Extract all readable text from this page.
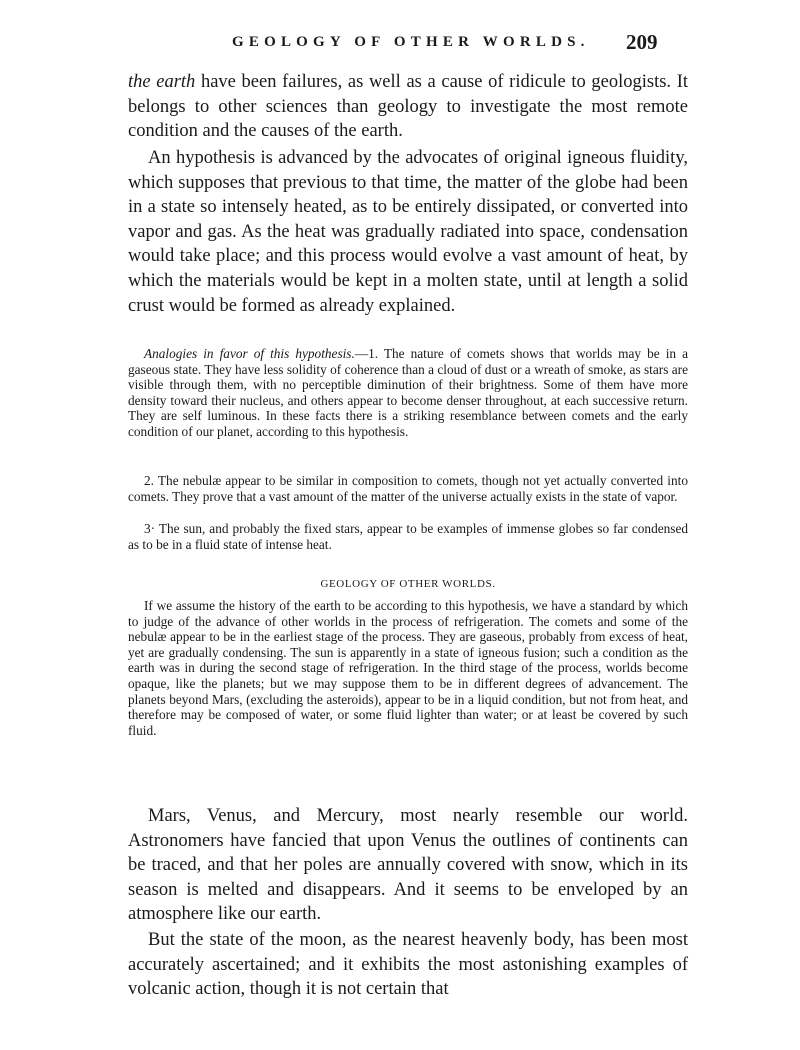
GEOLOGY OF OTHER WORLDS.	209

the earth have been failures, as well as a cause of ridicule to geologists. It belongs to other sciences than geology to investigate the most remote condition and the causes of the earth.

An hypothesis is advanced by the advocates of original igneous fluidity, which supposes that previous to that time, the matter of the globe had been in a state so intensely heated, as to be entirely dissipated, or converted into vapor and gas. As the heat was gradually radiated into space, condensation would take place; and this process would evolve a vast amount of heat, by which the materials would be kept in a molten state, until at length a solid crust would be formed as already explained.

Analogies in favor of this hypothesis.—1. The nature of comets shows that worlds may be in a gaseous state. They have less solidity of coherence than a cloud of dust or a wreath of smoke, as stars are visible through them, with no perceptible diminution of their brightness. Some of them have more density toward their nucleus, and others appear to become denser throughout, at each successive return. They are self luminous. In these facts there is a striking resemblance between comets and the early condition of our planet, according to this hypothesis.

2. The nebulæ appear to be similar in composition to comets, though not yet actually converted into comets. They prove that a vast amount of the matter of the universe actually exists in the state of vapor.

3· The sun, and probably the fixed stars, appear to be examples of immense globes so far condensed as to be in a fluid state of intense heat.

GEOLOGY OF OTHER WORLDS.

If we assume the history of the earth to be according to this hypothesis, we have a standard by which to judge of the advance of other worlds in the process of refrigeration. The comets and some of the nebulæ appear to be in the earliest stage of the process. They are gaseous, probably from excess of heat, yet are gradually condensing. The sun is apparently in a state of igneous fusion; such a condition as the earth was in during the second stage of refrigeration. In the third stage of the process, worlds become opaque, like the planets; but we may suppose them to be in different degrees of advancement. The planets beyond Mars, (excluding the asteroids), appear to be in a liquid condition, but not from heat, and therefore may be composed of water, or some fluid lighter than water; or at least be covered by such fluid.

Mars, Venus, and Mercury, most nearly resemble our world. Astronomers have fancied that upon Venus the outlines of continents can be traced, and that her poles are annually covered with snow, which in its season is melted and disappears. And it seems to be enveloped by an atmosphere like our earth.

But the state of the moon, as the nearest heavenly body, has been most accurately ascertained; and it exhibits the most astonishing examples of volcanic action, though it is not certain that
